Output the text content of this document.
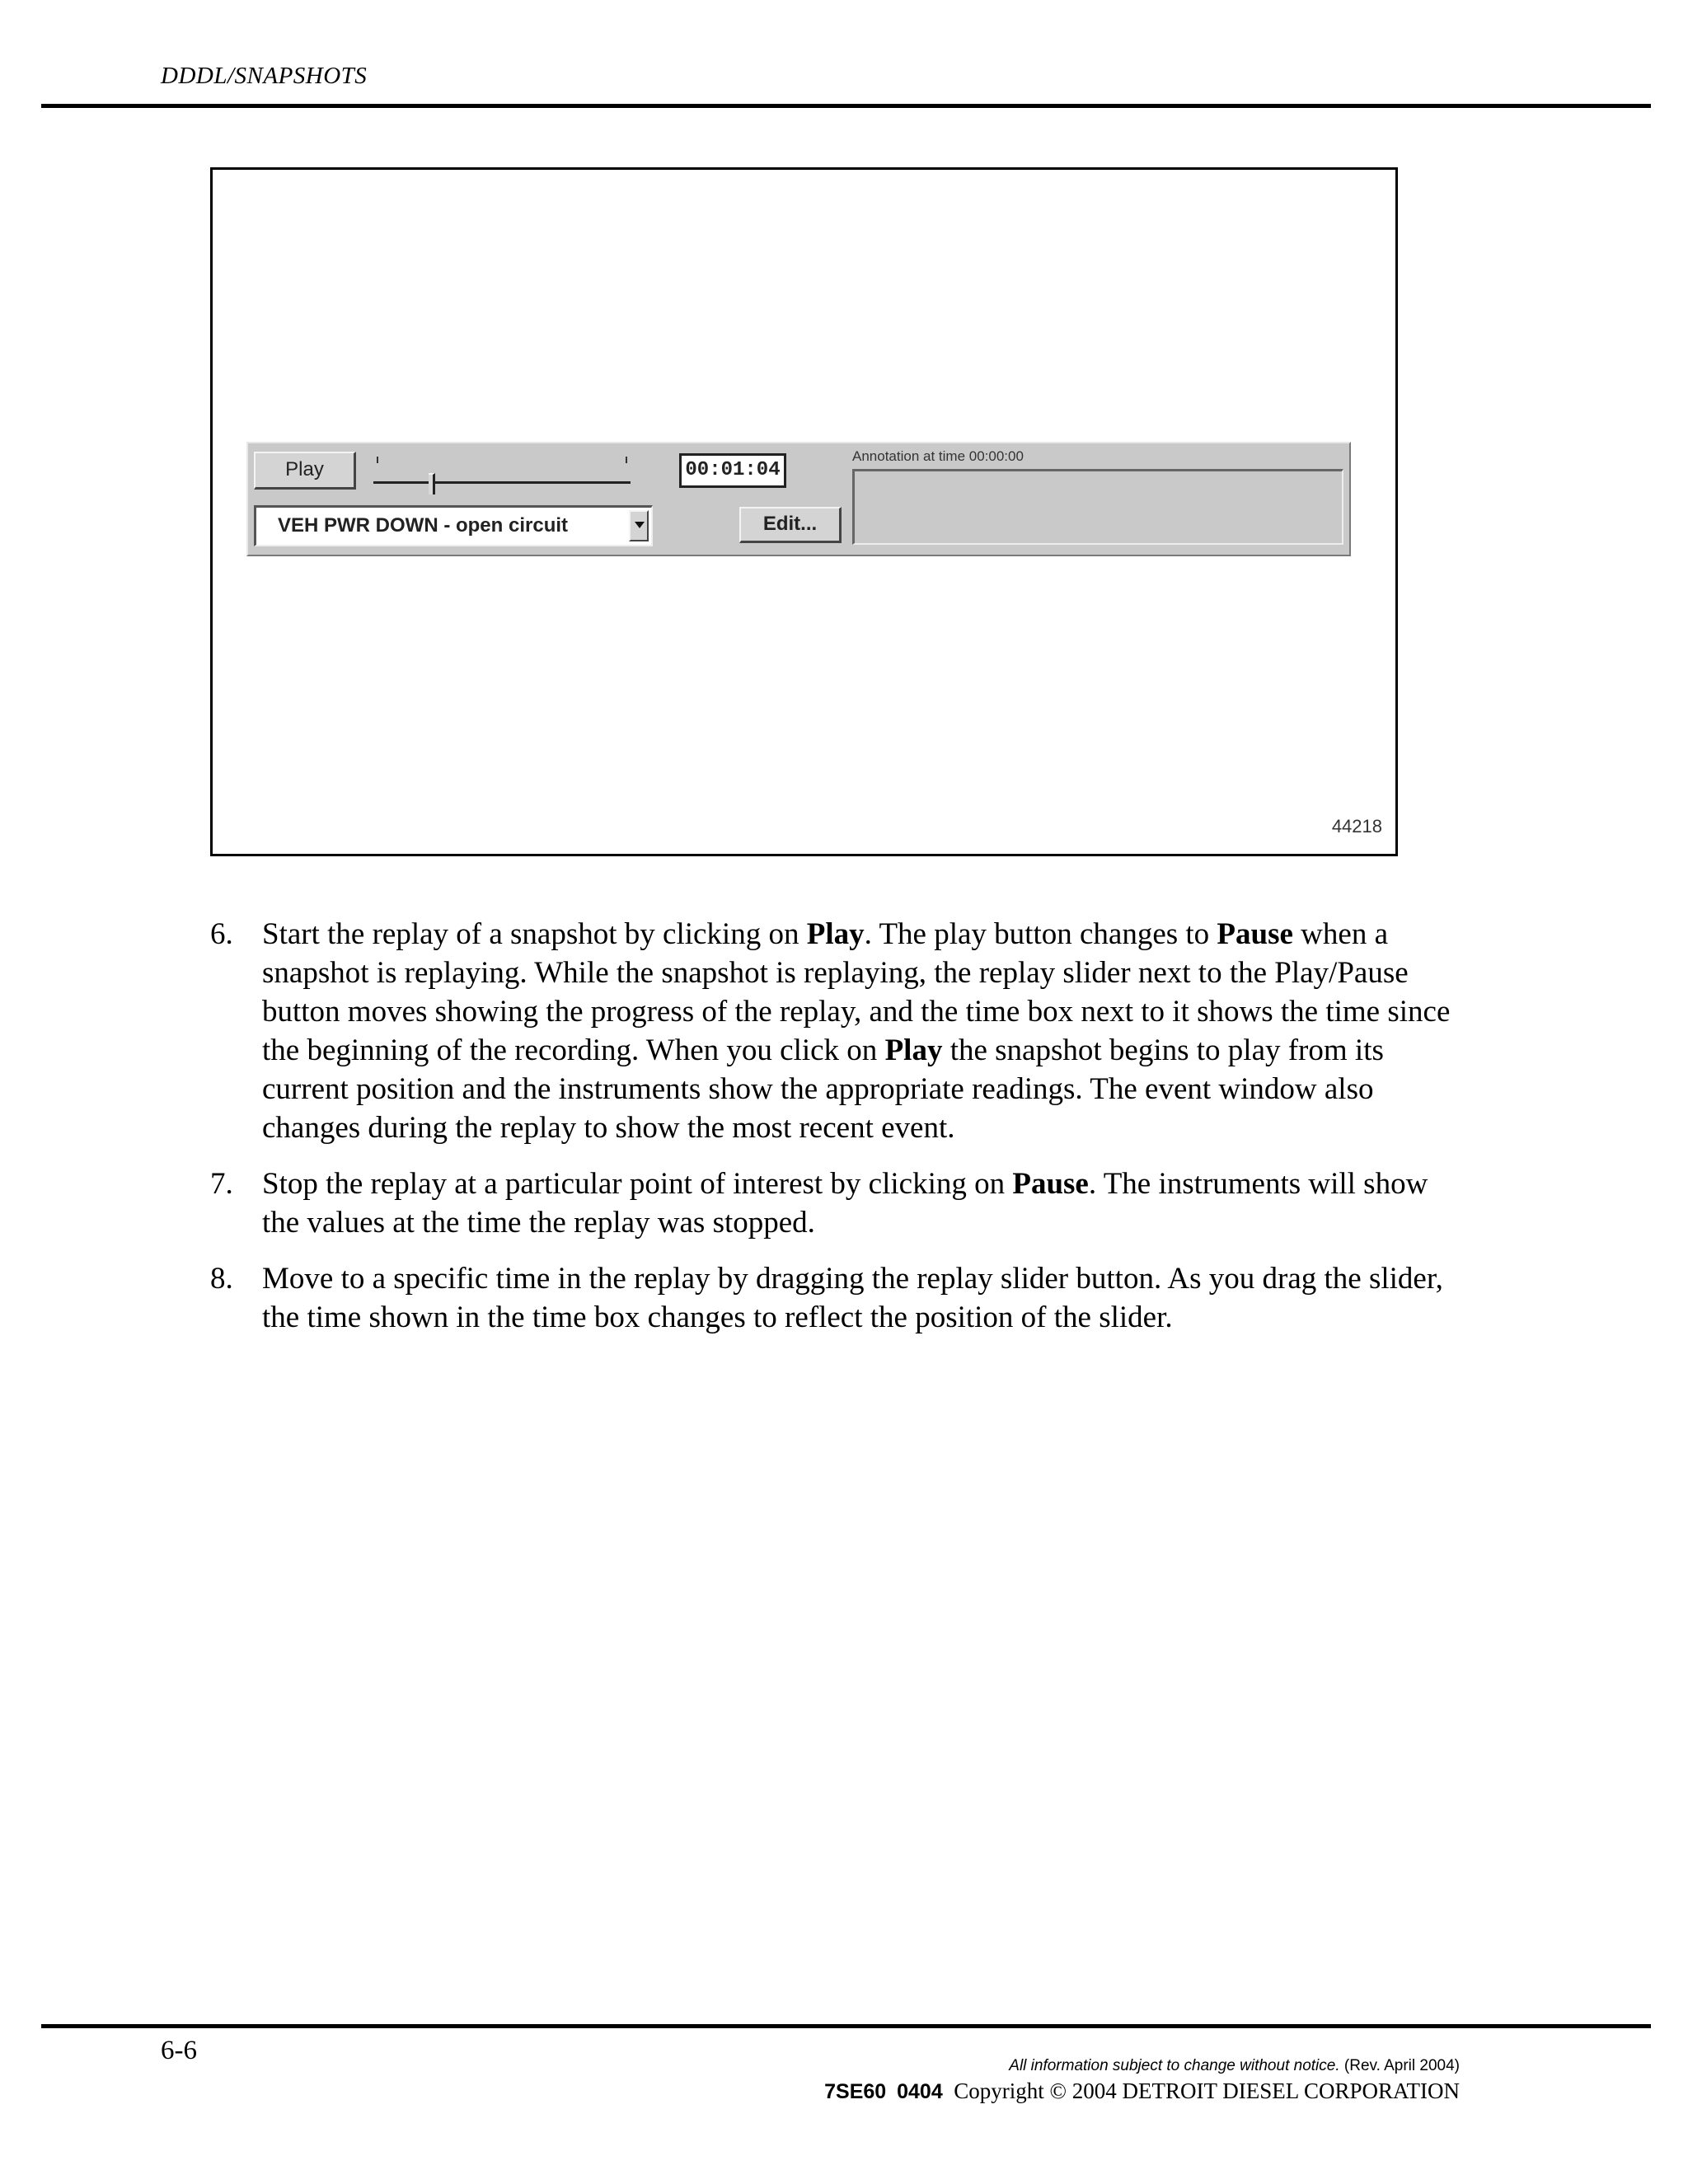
DDDL/SNAPSHOTS
Play	00:01:04
VEH PWR DOWN - open circuit	Edit...
Annotation at time 00:00:00
44218
6. Start the replay of a snapshot by clicking on Play. The play button changes to Pause when a snapshot is replaying. While the snapshot is replaying, the replay slider next to the Play/Pause button moves showing the progress of the replay, and the time box next to it shows the time since the beginning of the recording. When you click on Play the snapshot begins to play from its current position and the instruments show the appropriate readings. The event window also changes during the replay to show the most recent event.
7. Stop the replay at a particular point of interest by clicking on Pause. The instruments will show the values at the time the replay was stopped.
8. Move to a specific time in the replay by dragging the replay slider button. As you drag the slider, the time shown in the time box changes to reflect the position of the slider.
6-6
All information subject to change without notice. (Rev. April 2004)
7SE60 0404 Copyright © 2004 DETROIT DIESEL CORPORATION
